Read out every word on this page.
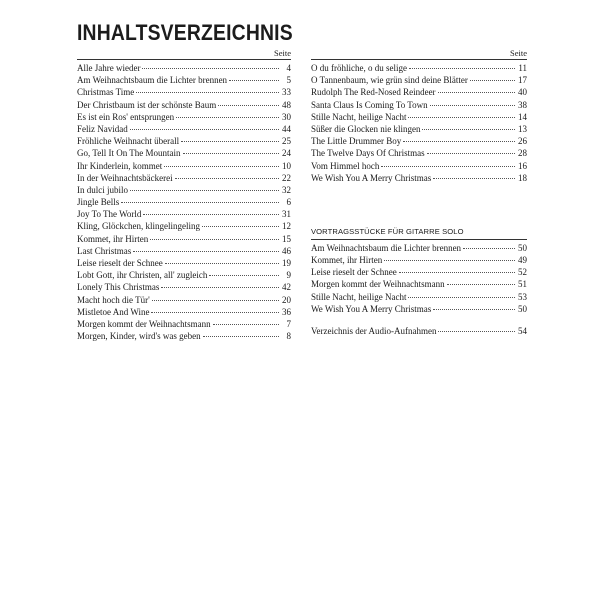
INHALTSVERZEICHNIS
Seite
Alle Jahre wieder	4
Am Weihnachtsbaum die Lichter brennen	5
Christmas Time	33
Der Christbaum ist der schönste Baum	48
Es ist ein Ros' entsprungen	30
Feliz Navidad	44
Fröhliche Weihnacht überall	25
Go, Tell It On The Mountain	24
Ihr Kinderlein, kommet	10
In der Weihnachtsbäckerei	22
In dulci jubilo	32
Jingle Bells	6
Joy To The World	31
Kling, Glöckchen, klingelingeling	12
Kommet, ihr Hirten	15
Last Christmas	46
Leise rieselt der Schnee	19
Lobt Gott, ihr Christen, all' zugleich	9
Lonely This Christmas	42
Macht hoch die Tür'	20
Mistletoe And Wine	36
Morgen kommt der Weihnachtsmann	7
Morgen, Kinder, wird's was geben	8
Seite
O du fröhliche, o du selige	11
O Tannenbaum, wie grün sind deine Blätter	17
Rudolph The Red-Nosed Reindeer	40
Santa Claus Is Coming To Town	38
Stille Nacht, heilige Nacht	14
Süßer die Glocken nie klingen	13
The Little Drummer Boy	26
The Twelve Days Of Christmas	28
Vom Himmel hoch	16
We Wish You A Merry Christmas	18
VORTRAGSSTÜCKE FÜR GITARRE SOLO
Am Weihnachtsbaum die Lichter brennen	50
Kommet, ihr Hirten	49
Leise rieselt der Schnee	52
Morgen kommt der Weihnachtsmann	51
Stille Nacht, heilige Nacht	53
We Wish You A Merry Christmas	50
Verzeichnis der Audio-Aufnahmen	54
